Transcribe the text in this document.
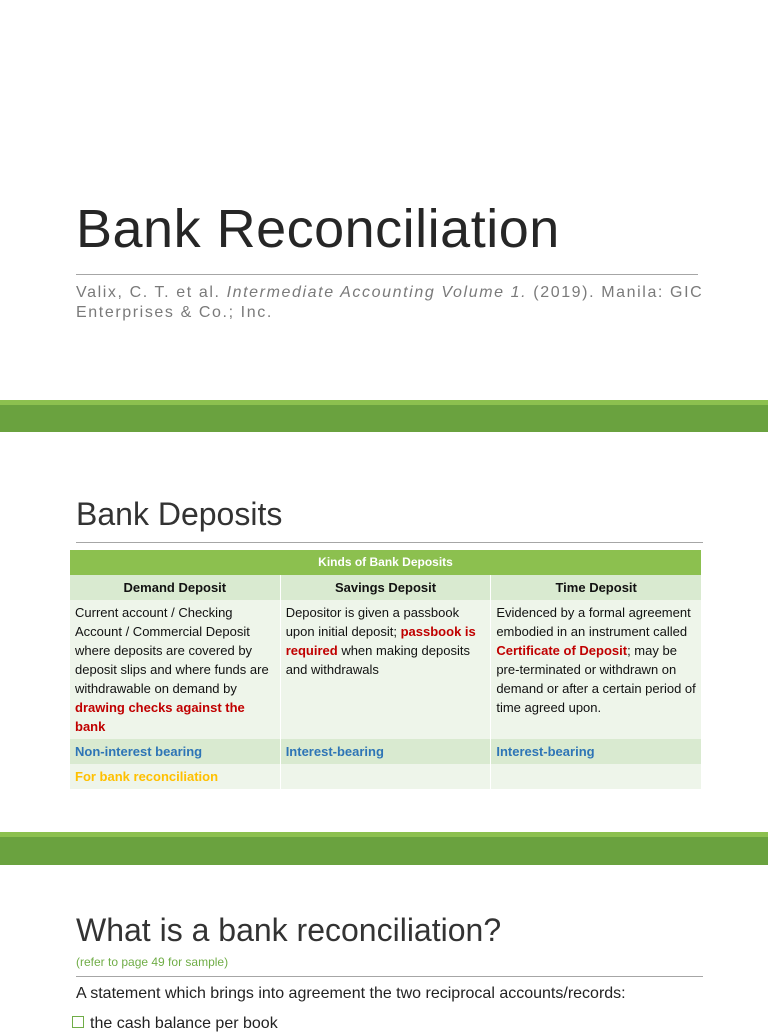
Bank Reconciliation
Valix, C. T. et al. Intermediate Accounting Volume 1. (2019). Manila: GIC Enterprises & Co.; Inc.
Bank Deposits
Kinds of Bank Deposits		
Demand Deposit	Savings Deposit	Time Deposit
Current account / Checking Account / Commercial Deposit where deposits are covered by deposit slips and where funds are withdrawable on demand by drawing checks against the bank	Depositor is given a passbook upon initial deposit; passbook is required when making deposits and withdrawals	Evidenced by a formal agreement embodied in an instrument called Certificate of Deposit; may be pre-terminated or withdrawn on demand or after a certain period of time agreed upon.
Non-interest bearing	Interest-bearing	Interest-bearing
For bank reconciliation		
What is a bank reconciliation?
(refer to page 49 for sample)
A statement which brings into agreement the two reciprocal accounts/records:
the cash balance per book
